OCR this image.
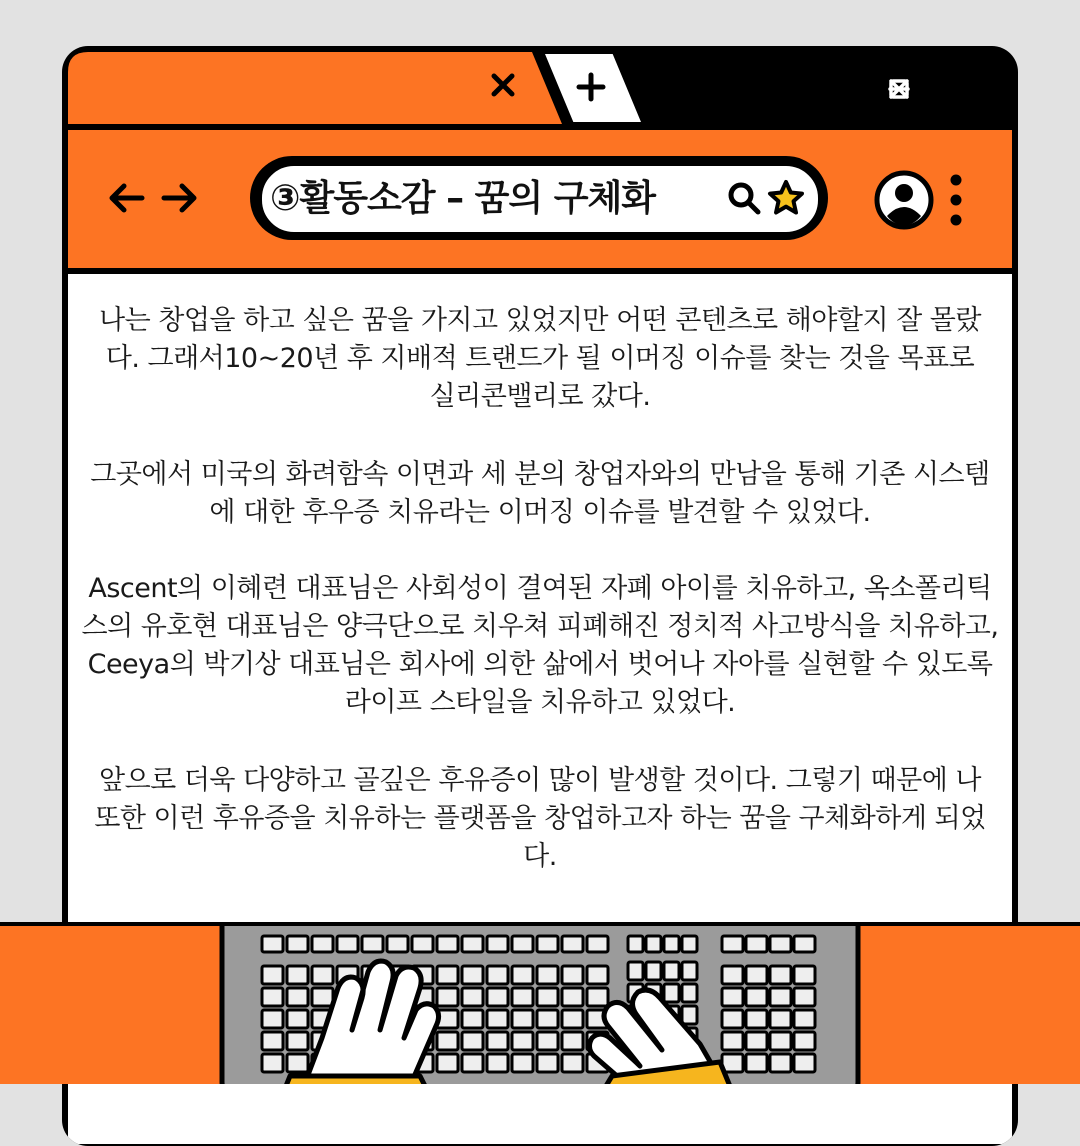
③활동소감 – 꿈의 구체화
나는 창업을 하고 싶은 꿈을 가지고 있었지만 어떤 콘텐츠로 해야할지 잘 몰랐다. 그래서10~20년 후 지배적 트랜드가 될 이머징 이슈를 찾는 것을 목표로 실리콘밸리로 갔다.
그곳에서 미국의 화려함속 이면과 세 분의 창업자와의 만남을 통해 기존 시스템에 대한 후우증 치유라는 이머징 이슈를 발견할 수 있었다.
Ascent의 이혜련 대표님은 사회성이 결여된 자폐 아이를 치유하고, 옥소폴리틱스의 유호현 대표님은 양극단으로 치우쳐 피폐해진 정치적 사고방식을 치유하고, Ceeya의 박기상 대표님은 회사에 의한 삶에서 벗어나 자아를 실현할 수 있도록 라이프 스타일을 치유하고 있었다.
앞으로 더욱 다양하고 골깊은 후유증이 많이 발생할 것이다. 그렇기 때문에 나 또한 이런 후유증을 치유하는 플랫폼을 창업하고자 하는 꿈을 구체화하게 되었다.
